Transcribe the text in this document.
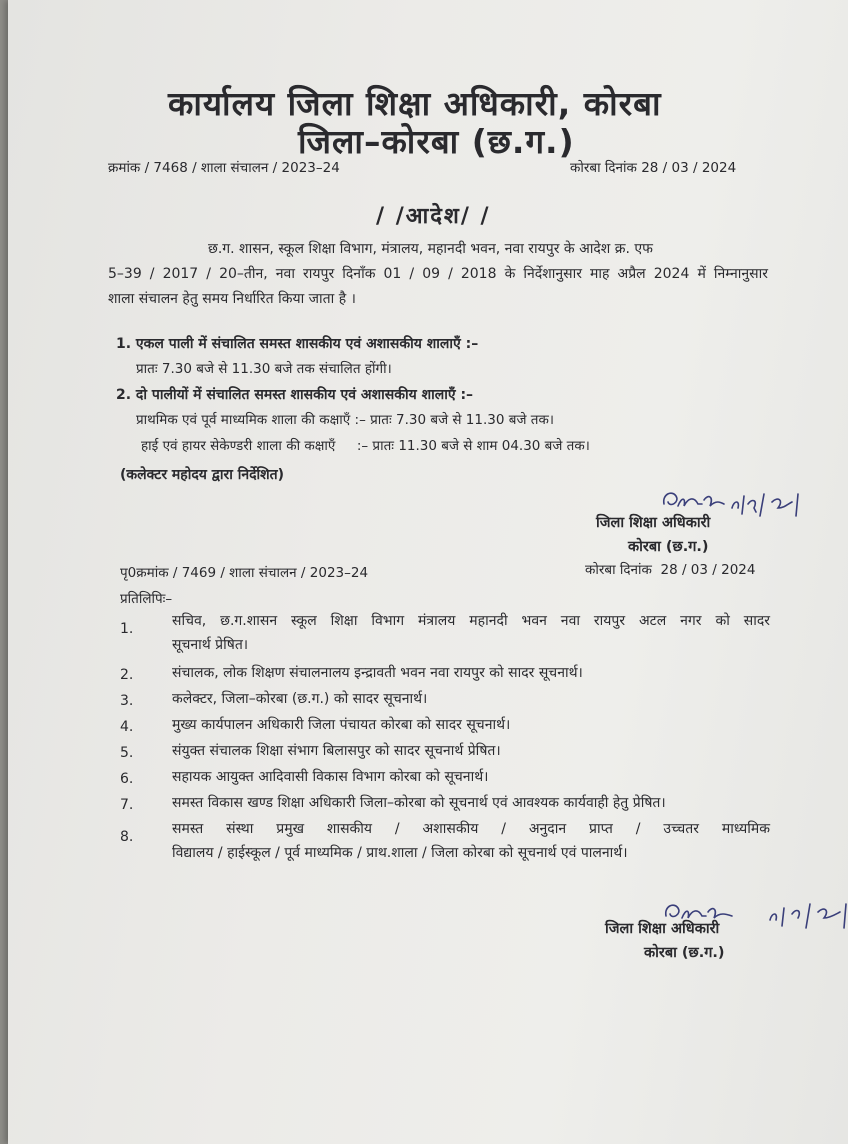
कार्यालय जिला शिक्षा अधिकारी, कोरबा
जिला–कोरबा (छ.ग.)
क्रमांक / 7468 / शाला संचालन / 2023–24	कोरबा दिनांक 28 / 03 / 2024
/ /आदेश/ /
छ.ग. शासन, स्कूल शिक्षा विभाग, मंत्रालय, महानदी भवन, नवा रायपुर के आदेश क्र. एफ
5–39 / 2017 / 20–तीन, नवा रायपुर दिनाँक 01 / 09 / 2018 के निर्देशानुसार माह अप्रैल 2024 में निम्नानुसार
शाला संचालन हेतु समय निर्धारित किया जाता है ।
1. एकल पाली में संचालित समस्त शासकीय एवं अशासकीय शालाएँ :–
प्रातः 7.30 बजे से 11.30 बजे तक संचालित होंगी।
2. दो पालीयों में संचालित समस्त शासकीय एवं अशासकीय शालाएँ :–
प्राथमिक एवं पूर्व माध्यमिक शाला की कक्षाएँ :– प्रातः 7.30 बजे से 11.30 बजे तक।
हाई एवं हायर सेकेण्डरी शाला की कक्षाएँ     :– प्रातः 11.30 बजे से शाम 04.30 बजे तक।
(कलेक्टर महोदय द्वारा निर्देशित)
जिला शिक्षा अधिकारी
कोरबा (छ.ग.)
पृ0क्रमांक / 7469 / शाला संचालन / 2023–24	कोरबा दिनांक  28 / 03 / 2024
प्रतिलिपिः–
1.	सचिव, छ.ग.शासन स्कूल शिक्षा विभाग मंत्रालय महानदी भवन नवा रायपुर अटल नगर को सादर
सूचनार्थ प्रेषित।
2.	संचालक, लोक शिक्षण संचालनालय इन्द्रावती भवन नवा रायपुर को सादर सूचनार्थ।
3.	कलेक्टर, जिला–कोरबा (छ.ग.) को सादर सूचनार्थ।
4.	मुख्य कार्यपालन अधिकारी जिला पंचायत कोरबा को सादर सूचनार्थ।
5.	संयुक्त संचालक शिक्षा संभाग बिलासपुर को सादर सूचनार्थ प्रेषित।
6.	सहायक आयुक्त आदिवासी विकास विभाग कोरबा को सूचनार्थ।
7.	समस्त विकास खण्ड शिक्षा अधिकारी जिला–कोरबा को सूचनार्थ एवं आवश्यक कार्यवाही हेतु प्रेषित।
8.	समस्त संस्था प्रमुख शासकीय / अशासकीय / अनुदान प्राप्त / उच्चतर माध्यमिक
विद्यालय / हाईस्कूल / पूर्व माध्यमिक / प्राथ.शाला / जिला कोरबा को सूचनार्थ एवं पालनार्थ।
जिला शिक्षा अधिकारी
कोरबा (छ.ग.)
